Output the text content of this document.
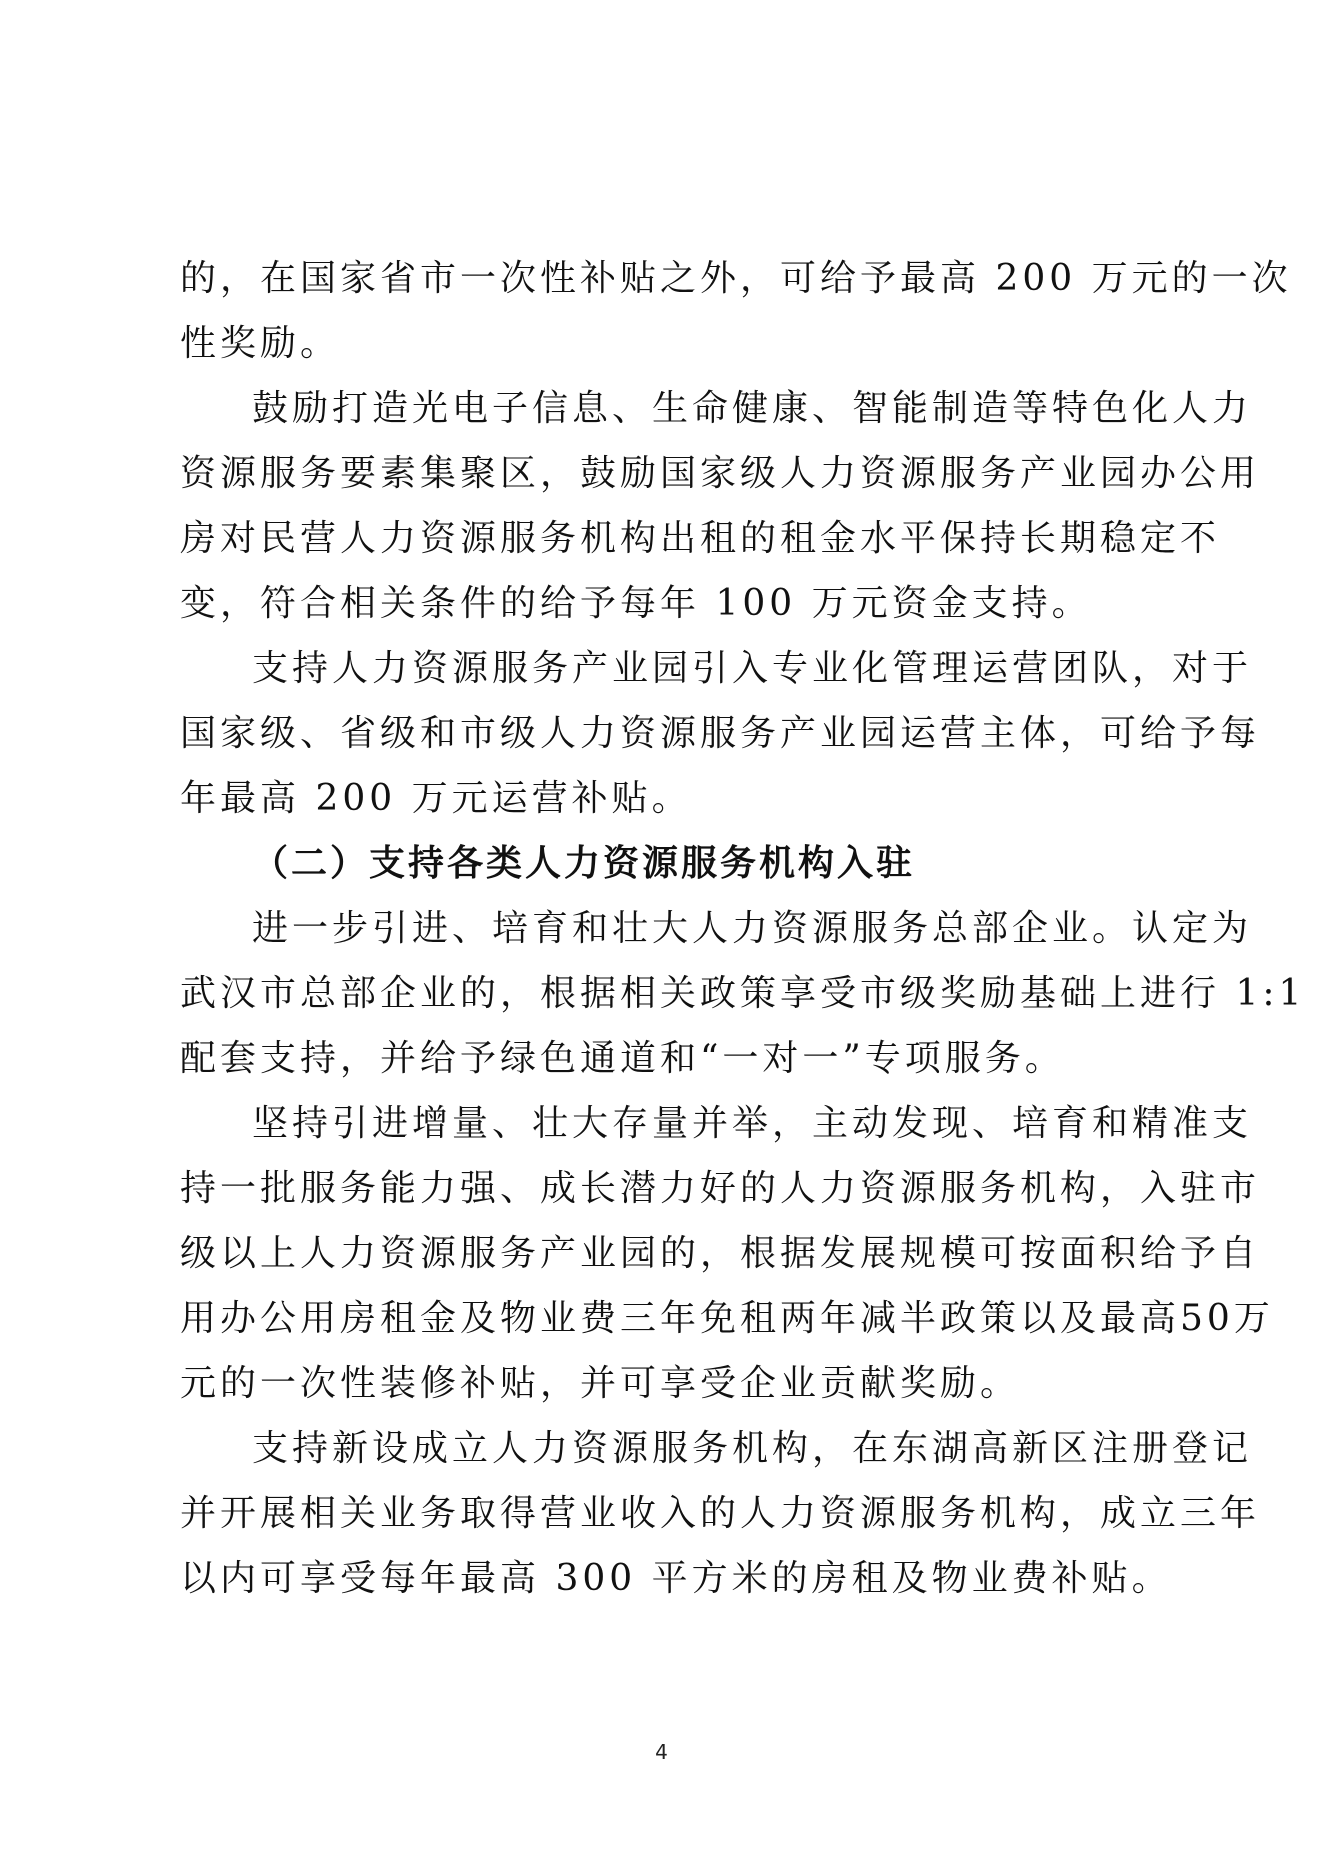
的，在国家省市一次性补贴之外，可给予最高 200 万元的一次
性奖励。
鼓励打造光电子信息、生命健康、智能制造等特色化人力
资源服务要素集聚区，鼓励国家级人力资源服务产业园办公用
房对民营人力资源服务机构出租的租金水平保持长期稳定不
变，符合相关条件的给予每年 100 万元资金支持。
支持人力资源服务产业园引入专业化管理运营团队，对于
国家级、省级和市级人力资源服务产业园运营主体，可给予每
年最高 200 万元运营补贴。
（二）支持各类人力资源服务机构入驻
进一步引进、培育和壮大人力资源服务总部企业。认定为
武汉市总部企业的，根据相关政策享受市级奖励基础上进行 1:1
配套支持，并给予绿色通道和“一对一”专项服务。
坚持引进增量、壮大存量并举，主动发现、培育和精准支
持一批服务能力强、成长潜力好的人力资源服务机构，入驻市
级以上人力资源服务产业园的，根据发展规模可按面积给予自
用办公用房租金及物业费三年免租两年减半政策以及最高50万
元的一次性装修补贴，并可享受企业贡献奖励。
支持新设成立人力资源服务机构，在东湖高新区注册登记
并开展相关业务取得营业收入的人力资源服务机构，成立三年
以内可享受每年最高 300 平方米的房租及物业费补贴。
4
